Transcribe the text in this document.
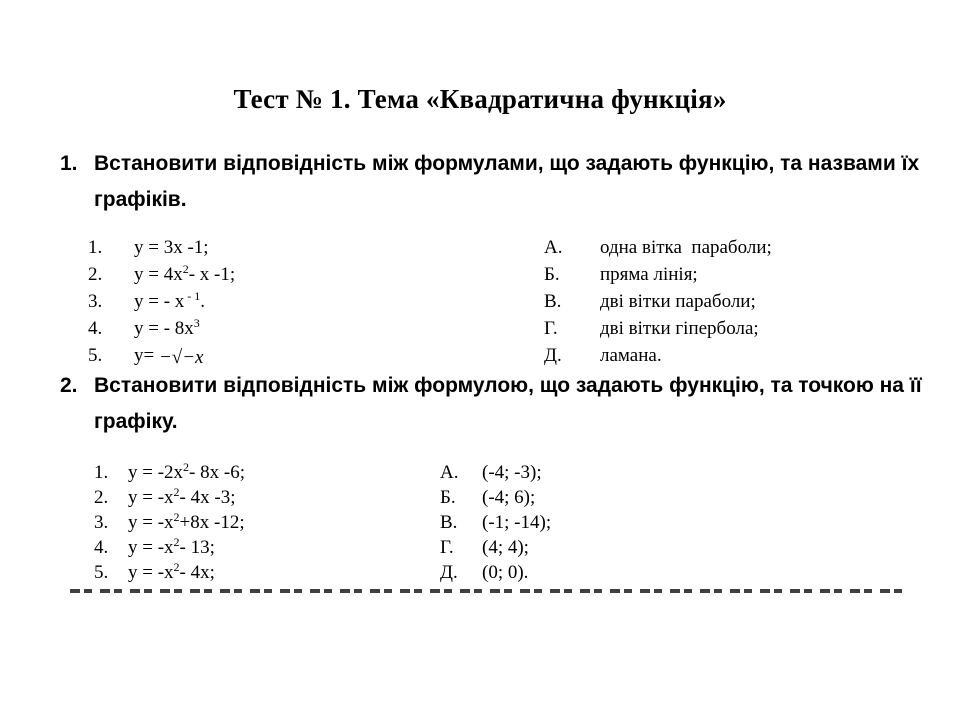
Тест № 1. Тема «Квадратична функція»
1. Встановити відповідність між формулами, що задають функцію, та назвами їх графіків.
1. y = 3x -1;
2. $y = 4x^2-$ x -1;
3. y = - x $^{- 1}$.
4. y = - $8x^3$
5. y= −√−x
А. одна вітка  параболи;
Б. пряма лінія;
В. дві вітки параболи;
Г. дві вітки гіпербола;
Д. ламана.
2. Встановити відповідність між формулою, що задають функцію, та точкою на її графіку.
1. $y = -2x^2-$ 8x -6;
2. $y = -x^2-$ 4x -3;
3. $y = -x^2+8x$ -12;
4. $y = -x^2-$ 13;
5. $y = -x^2-$ 4x;
А. (-4; -3);
Б. (-4; 6);
В. (-1; -14);
Г. (4; 4);
Д. (0; 0).
